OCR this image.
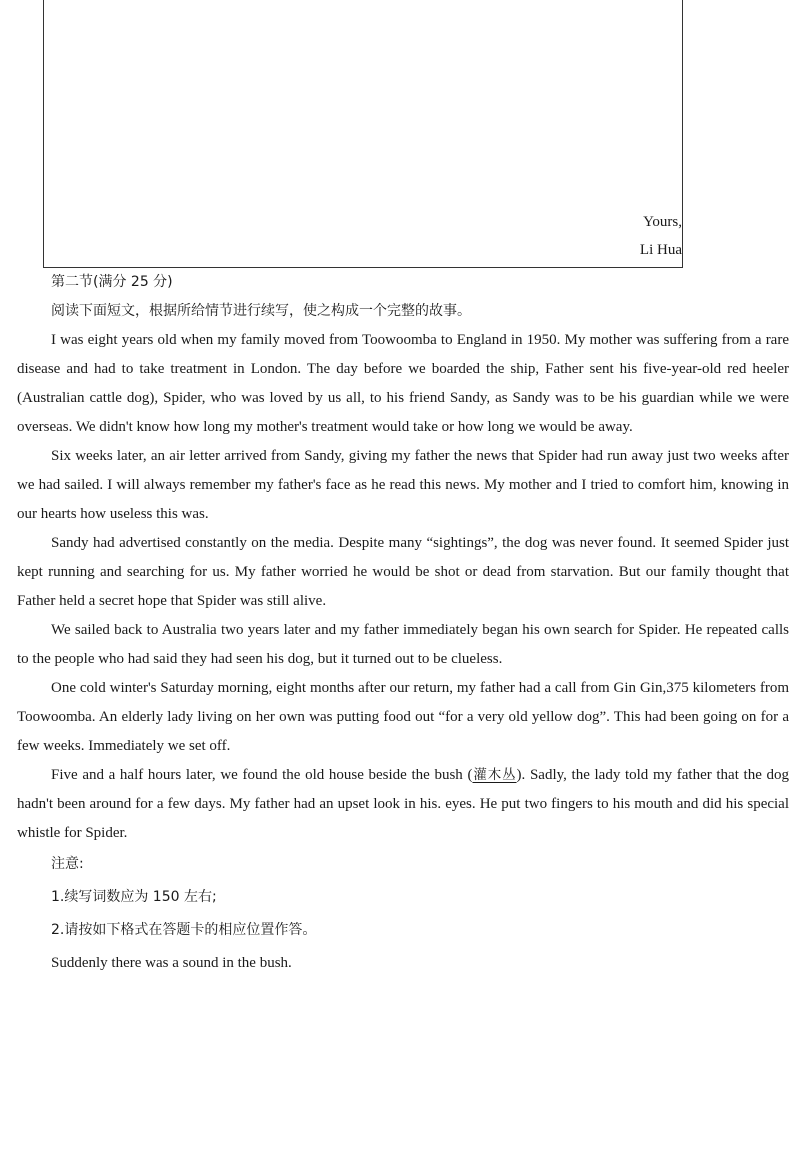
Yours,
Li Hua
第二节(满分 25 分)
阅读下面短文，根据所给情节进行续写，使之构成一个完整的故事。

I was eight years old when my family moved from Toowoomba to England in 1950. My mother was suffering from a rare disease and had to take treatment in London. The day before we boarded the ship, Father sent his five-year-old red heeler (Australian cattle dog), Spider, who was loved by us all, to his friend Sandy, as Sandy was to be his guardian while we were overseas. We didn't know how long my mother's treatment would take or how long we would be away.

Six weeks later, an air letter arrived from Sandy, giving my father the news that Spider had run away just two weeks after we had sailed. I will always remember my father's face as he read this news. My mother and I tried to comfort him, knowing in our hearts how useless this was.

Sandy had advertised constantly on the media. Despite many “sightings”, the dog was never found. It seemed Spider just kept running and searching for us. My father worried he would be shot or dead from starvation. But our family thought that Father held a secret hope that Spider was still alive.

We sailed back to Australia two years later and my father immediately began his own search for Spider. He repeated calls to the people who had said they had seen his dog, but it turned out to be clueless.

One cold winter's Saturday morning, eight months after our return, my father had a call from Gin Gin,375 kilometers from Toowoomba. An elderly lady living on her own was putting food out “for a very old yellow dog”. This had been going on for a few weeks. Immediately we set off.

Five and a half hours later, we found the old house beside the bush (灌木丛). Sadly, the lady told my father that the dog hadn't been around for a few days. My father had an upset look in his. eyes. He put two fingers to his mouth and did his special whistle for Spider.

注意:
1.续写词数应为 150 左右;
2.请按如下格式在答题卡的相应位置作答。
Suddenly there was a sound in the bush.
